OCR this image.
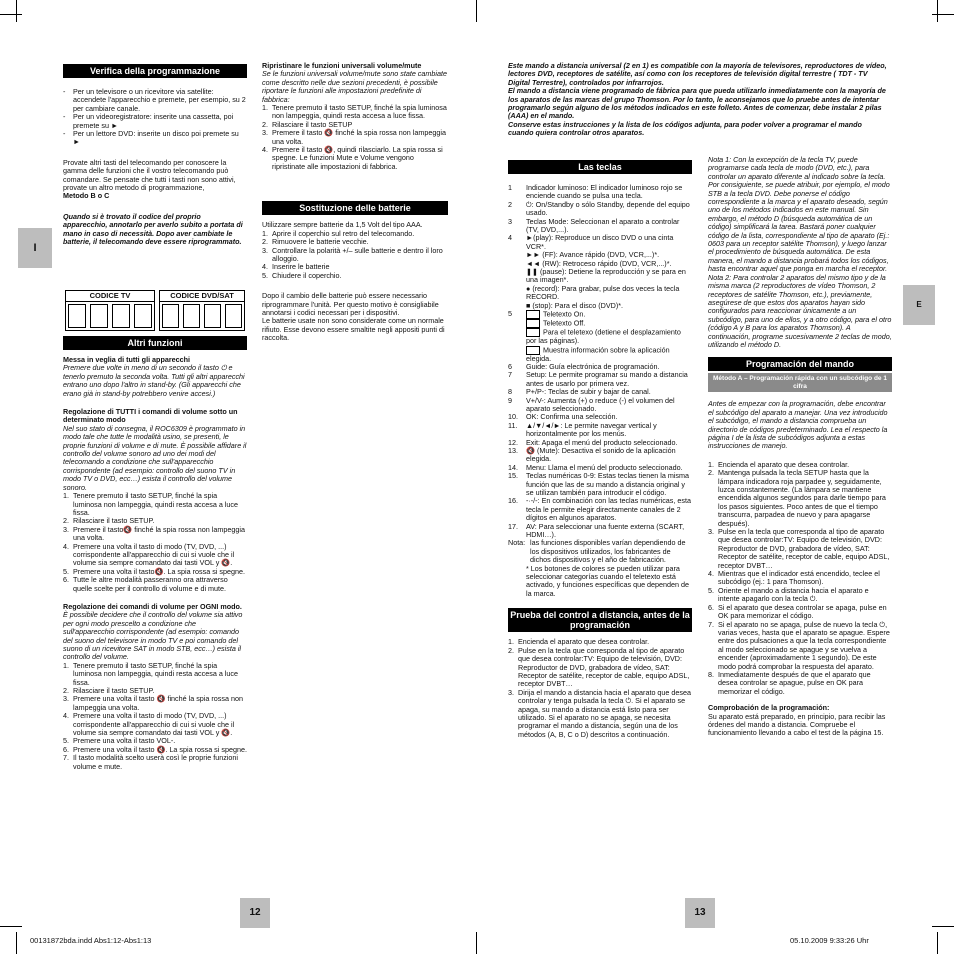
I
E
Verifica della programmazione
- Per un televisore o un ricevitore via satellite: accendete l'apparecchio e premete, per esempio, su 2 per cambiare canale.
- Per un videoregistratore: inserite una cassetta, poi premete su ►
- Per un lettore DVD: inserite un disco poi premete su ►

Provate altri tasti del telecomando per conoscere la gamma delle funzioni che il vostro telecomando può comandare. Se pensate che tutti i tasti non sono attivi, provate un altro metodo di programmazione,

Metodo B o C

Quando si è trovato il codice del proprio apparecchio, annotarlo per averlo subito a portata di mano in caso di necessità. Dopo aver cambiate le batterie, il telecomando deve essere riprogrammato.

CODICE TV	CODICE DVD/SAT
Altri funzioni

Messa in veglia di tutti gli apparecchi

Premere due volte in meno di un secondo il tasto ⏻ e tenerlo premuto la seconda volta. Tutti gli altri apparecchi entrano uno dopo l'altro in stand-by. (Gli apparecchi che erano già in stand-by potrebbero venire accesi.)

Regolazione di TUTTI i comandi di volume sotto un determinato modo

Nel suo stato di consegna, il ROC6309 è programmato in modo tale che tutte le modalità usino, se presenti, le proprie funzioni di volume e di mute. È possibile affidare il controllo del volume sonoro ad uno dei modi del telecomando a condizione che sull'apparecchio corrispondente (ad esempio: controllo del suono TV in modo TV o DVD, ecc…) esista il controllo del volume sonoro.

1. Tenere premuto il tasto SETUP, finché la spia luminosa non lampeggia, quindi resta accesa a luce fissa.
2. Rilasciare il tasto SETUP.
3. Premere il tasto🔇 finché la spia rossa non lampeggia una volta.
4. Premere una volta il tasto di modo (TV, DVD, ...) corrispondente all'apparecchio di cui si vuole che il volume sia sempre comandato dai tasti VOL y 🔇.
5. Premere una volta il tasto🔇. La spia rossa si spegne.
6. Tutte le altre modalità passeranno ora attraverso quelle scelte per il controllo di volume e di mute.

Regolazione dei comandi di volume per OGNI modo.

È possibile decidere che il controllo del volume sia attivo per ogni modo prescelto a condizione che sull'apparecchio corrispondente (ad esempio: comando del suono del televisore in modo TV e poi comando del suono di un ricevitore SAT in modo STB, ecc…) esista il controllo del volume.

1. Tenere premuto il tasto SETUP, finché la spia luminosa non lampeggia, quindi resta accesa a luce fissa.
2. Rilasciare il tasto SETUP.
3. Premere una volta il tasto 🔇 finché la spia rossa non lampeggia una volta.
4. Premere una volta il tasto di modo (TV, DVD, ...) corrispondente all'apparecchio di cui si vuole che il volume sia sempre comandato dai tasti VOL y 🔇.
5. Premere una volta il tasto VOL-.
6. Premere una volta il tasto 🔇. La spia rossa si spegne.
7. Il tasto modalità scelto userà così le proprie funzioni volume e mute.

Ripristinare le funzioni universali volume/mute

Se le funzioni universali volume/mute sono state cambiate come descritto nelle due sezioni precedenti, è possibile riportare le funzioni alle impostazioni predefinite di fabbrica:

1. Tenere premuto il tasto SETUP, finché la spia luminosa non lampeggia, quindi resta accesa a luce fissa.
2. Rilasciare il tasto SETUP
3. Premere il tasto 🔇 finché la spia rossa non lampeggia una volta.
4. Premere il tasto 🔇, quindi rilasciarlo. La spia rossa si spegne. Le funzioni Mute e Volume vengono ripristinate alle impostazioni di fabbrica.
Sostituzione delle batterie

Utilizzare sempre batterie da 1,5 Volt del tipo AAA.

1. Aprire il coperchio sul retro del telecomando.
2. Rimuovere le batterie vecchie.
3. Controllare la polarità +/– sulle batterie e dentro il loro alloggio.
4. Inserire le batterie
5. Chiudere il coperchio.

Dopo il cambio delle batterie può essere necessario riprogrammare l'unità. Per questo motivo è consigliabile annotarsi i codici necessari per i dispositivi.

Le batterie usate non sono considerate come un normale rifiuto. Esse devono essere smaltite negli appositi punti di raccolta.

Este mando a distancia universal (2 en 1) es compatible con la mayoría de televisores, reproductores de vídeo, lectores DVD, receptores de satélite, así como con los receptores de televisión digital terrestre ( TDT - TV Digital Terrestre), controlados por infrarrojos.

El mando a distancia viene programado de fábrica para que pueda utilizarlo inmediatamente con la mayoría de los aparatos de las marcas del grupo Thomson. Por lo tanto, le aconsejamos que lo pruebe antes de intentar programarlo según alguno de los métodos indicados en este folleto. Antes de comenzar, debe instalar 2 pilas (AAA) en el mando.

Conserve estas instrucciones y la lista de los códigos adjunta, para poder volver a programar el mando cuando quiera controlar otros aparatos.

Las teclas
1	Indicador luminoso: El indicador luminoso rojo se enciende cuando se pulsa una tecla.
2	⏻: On/Standby o sólo Standby, depende del equipo usado.
3	Teclas Mode: Seleccionan el aparato a controlar (TV, DVD,...).
4	►(play): Reproduce un disco DVD o una cinta VCR*.
►► (FF): Avance rápido (DVD, VCR,...)*.
◄◄ (RW): Retroceso rápido (DVD, VCR,...)*.
❚❚ (pause): Detiene la reproducción y se para en una imagen*.
● (record): Para grabar, pulse dos veces la tecla RECORD.
■ (stop): Para el disco (DVD)*.
5	Teletexto On.
Teletexto Off.
Para el teletexo (detiene el desplazamiento por las páginas).
Muestra información sobre la aplicación elegida.
6	Guide: Guía electrónica de programación.
7	Setup: Le permite programar su mando a distancia antes de usarlo por primera vez.
8	P+/P-: Teclas de subir y bajar de canal.
9	V+/V-: Aumenta (+) o reduce (-) el volumen del aparato seleccionado.
10.	OK: Confirma una selección.
11.	▲/▼/◄/►: Le permite navegar vertical y horizontalmente por los menús.
12.	Exit: Apaga el menú del producto seleccionado.
13.	🔇 (Mute): Desactiva el sonido de la aplicación elegida.
14.	Menu: Llama el menú del producto seleccionado.
15.	Teclas numéricas 0-9: Estas teclas tienen la misma función que las de su mando a distancia original y se utilizan también para introducir el código.
16.	-·-/-: En combinación con las teclas numéricas, esta tecla le permite elegir directamente canales de 2 dígitos en algunos aparatos.
17.	AV: Para seleccionar una fuente externa (SCART, HDMI…).
Nota: las funciones disponibles varían dependiendo de los dispositivos utilizados, los fabricantes de dichos dispositivos y el año de fabricación.
* Los botones de colores se pueden utilizar para seleccionar categorías cuando el teletexto está activado, y funciones específicas que dependen de la marca.
Prueba del control a distancia, antes de la programación
1. Encienda el aparato que desea controlar.
2. Pulse en la tecla que corresponda al tipo de aparato que desea controlar:TV: Equipo de televisión, DVD: Reproductor de DVD, grabadora de vídeo, SAT: Receptor de satélite, receptor de cable, equipo ADSL, receptor DVBT…
3. Dirija el mando a distancia hacia el aparato que desea controlar y tenga pulsada la tecla ⏻. Si el aparato se apaga, su mando a distancia está listo para ser utilizado. Si el aparato no se apaga, se necesita programar el mando a distancia, según una de los métodos (A, B, C o D) descritos a continuación.

Nota 1: Con la excepción de la tecla TV, puede programarse cada tecla de modo (DVD, etc.), para controlar un aparato diferente al indicado sobre la tecla. Por consiguiente, se puede atribuir, por ejemplo, el modo STB a la tecla DVD. Debe ponerse el código correspondiente a la marca y el aparato deseado, según uno de los métodos indicados en este manual. Sin embargo, el método D (búsqueda automática de un código) simplificará la tarea. Bastará poner cualquier código de la lista, correspondiente al tipo de aparato (Ej.: 0603 para un receptor satélite Thomson), y luego lanzar el procedimiento de búsqueda automática. De esta manera, el mando a distancia probará todos los códigos, hasta encontrar aquel que ponga en marcha el receptor.

Nota 2: Para controlar 2 aparatos del mismo tipo y de la misma marca (2 reproductores de vídeo Thomson, 2 receptores de satélite Thomson, etc.), previamente, asegúrese de que estos dos aparatos hayan sido configurados para reaccionar únicamente a un subcódigo, para uno de ellos, y a otro código, para el otro (código A y B para los aparatos Thomson). A continuación, programe sucesivamente 2 teclas de modo, utilizando el método D.

Programación del mando
Método A – Programación rápida con un subcódigo de 1 cifra

Antes de empezar con la programación, debe encontrar el subcódigo del aparato a manejar. Una vez introducido el subcódigo, el mando a distancia comprueba un directorio de códigos predeterminado. Lea el respecto la página I de la lista de subcódigos adjunta a estas instrucciones de manejo.

1. Encienda el aparato que desea controlar.
2. Mantenga pulsada la tecla SETUP hasta que la lámpara indicadora roja parpadee y, seguidamente, luzca constantemente. (La lámpara se mantiene encendida algunos segundos para darle tiempo para los pasos siguientes. Poco antes de que el tiempo transcurra, parpadea de nuevo y para apagarse después).
3. Pulse en la tecla que corresponda al tipo de aparato que desea controlar:TV: Equipo de televisión, DVD: Reproductor de DVD, grabadora de vídeo, SAT: Receptor de satélite, receptor de cable, equipo ADSL, receptor DVBT…
4. Mientras que el indicador está encendido, teclee el subcódigo (ej.: 1 para Thomson).
5. Oriente el mando a distancia hacia el aparato e intente apagarlo con la tecla ⏻.
6. Si el aparato que desea controlar se apaga, pulse en OK para memorizar el código.
7. Si el aparato no se apaga, pulse de nuevo la tecla ⏻, varias veces, hasta que el aparato se apague. Espere entre dos pulsaciones a que la tecla correspondiente al modo seleccionado se apague y se vuelva a encender (aproximadamente 1 segundo). De este modo podrá comprobar la respuesta del aparato.
8. Inmediatamente después de que el aparato que desea controlar se apague, pulse en OK para memorizar el código.

Comprobación de la programación:

Su aparato está preparado, en principio, para recibir las órdenes del mando a distancia. Compruebe el funcionamiento llevando a cabo el test de la página 15.

12	13
00131872bda.indd Abs1:12-Abs1:13	05.10.2009 9:33:26 Uhr
